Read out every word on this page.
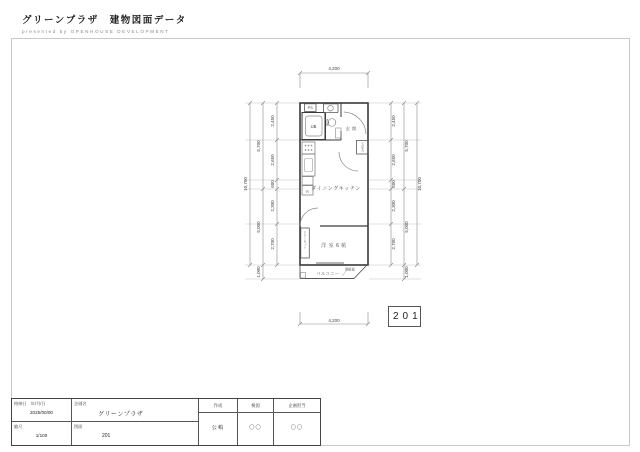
グリーンプラザ　建物図面データ
presented by OPENHOUSE DEVELOPMENT
4,200
4,200
10,700
5,700
5,000
1,000
2,450
2,650
600
2,300
2,700
2,450
2,650
600
2,300
2,700
5,700
5,000
1,000
10,700
PS
UB
洗面
玄関
下足入
R ダイニングキッチン
洋室6帖
クローゼット
バルコニー
隔壁板
201
格納日　年/月/日
2025/00/00
縮尺
1/100
企画名
グリーンプラザ
図面
201
作成	検図	企画担当
公嶋	〇〇	〇〇
